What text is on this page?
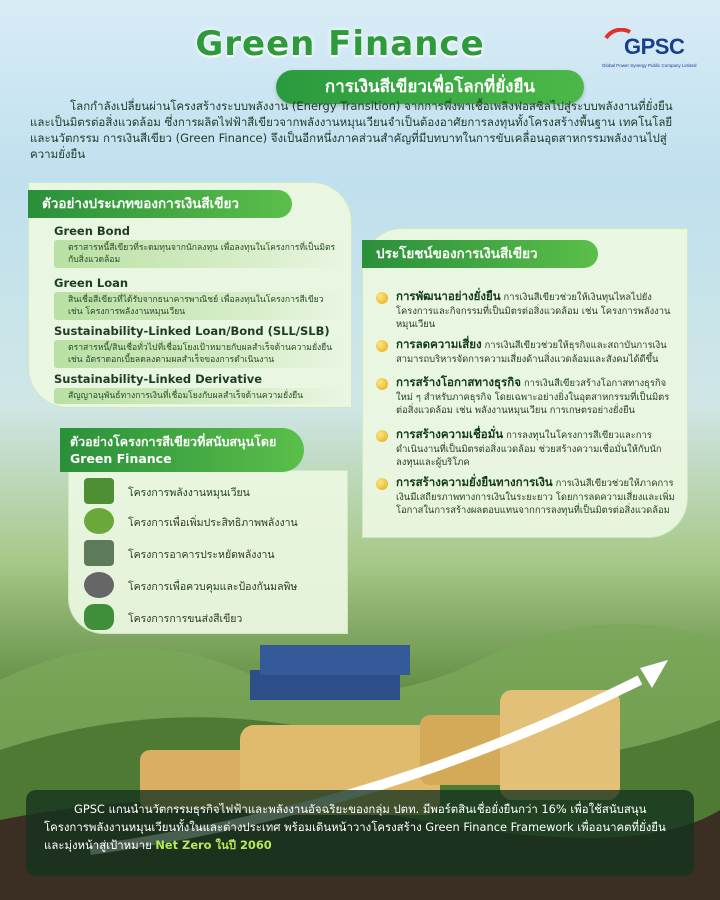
Green Finance
การเงินสีเขียวเพื่อโลกที่ยั่งยืน
GPSC
Global Power Synergy Public Company Limited
โลกกำลังเปลี่ยนผ่านโครงสร้างระบบพลังงาน (Energy Transition) จากการพึ่งพาเชื้อเพลิงฟอสซิลไปสู่ระบบพลังงานที่ยั่งยืนและเป็นมิตรต่อสิ่งแวดล้อม ซึ่งการผลิตไฟฟ้าสีเขียวจากพลังงานหมุนเวียนจำเป็นต้องอาศัยการลงทุนทั้งโครงสร้างพื้นฐาน เทคโนโลยี และนวัตกรรม การเงินสีเขียว (Green Finance) จึงเป็นอีกหนึ่งภาคส่วนสำคัญที่มีบทบาทในการขับเคลื่อนอุตสาหกรรมพลังงานไปสู่ความยั่งยืน
ตัวอย่างประเภทของการเงินสีเขียว
Green Bond
ตราสารหนี้สีเขียวที่ระดมทุนจากนักลงทุน เพื่อลงทุนในโครงการที่เป็นมิตรกับสิ่งแวดล้อม
Green Loan
สินเชื่อสีเขียวที่ได้รับจากธนาคารพาณิชย์ เพื่อลงทุนในโครงการสีเขียว เช่น โครงการพลังงานหมุนเวียน
Sustainability-Linked Loan/Bond (SLL/SLB)
ตราสารหนี้/สินเชื่อทั่วไปที่เชื่อมโยงเป้าหมายกับผลสำเร็จด้านความยั่งยืน เช่น อัตราดอกเบี้ยลดลงตามผลสำเร็จของการดำเนินงาน
Sustainability-Linked Derivative
สัญญาอนุพันธ์ทางการเงินที่เชื่อมโยงกับผลสำเร็จด้านความยั่งยืน
ตัวอย่างโครงการสีเขียวที่สนับสนุนโดย Green Finance
โครงการพลังงานหมุนเวียน
โครงการเพื่อเพิ่มประสิทธิภาพพลังงาน
โครงการอาคารประหยัดพลังงาน
โครงการเพื่อควบคุมและป้องกันมลพิษ
โครงการการขนส่งสีเขียว
ประโยชน์ของการเงินสีเขียว
การพัฒนาอย่างยั่งยืน การเงินสีเขียวช่วยให้เงินทุนไหลไปยังโครงการและกิจกรรมที่เป็นมิตรต่อสิ่งแวดล้อม เช่น โครงการพลังงานหมุนเวียน
การลดความเสี่ยง การเงินสีเขียวช่วยให้ธุรกิจและสถาบันการเงินสามารถบริหารจัดการความเสี่ยงด้านสิ่งแวดล้อมและสังคมได้ดีขึ้น
การสร้างโอกาสทางธุรกิจ การเงินสีเขียวสร้างโอกาสทางธุรกิจใหม่ ๆ สำหรับภาคธุรกิจ โดยเฉพาะอย่างยิ่งในอุตสาหกรรมที่เป็นมิตรต่อสิ่งแวดล้อม เช่น พลังงานหมุนเวียน การเกษตรอย่างยั่งยืน
การสร้างความเชื่อมั่น การลงทุนในโครงการสีเขียวและการดำเนินงานที่เป็นมิตรต่อสิ่งแวดล้อม ช่วยสร้างความเชื่อมั่นให้กับนักลงทุนและผู้บริโภค
การสร้างความยั่งยืนทางการเงิน การเงินสีเขียวช่วยให้ภาคการเงินมีเสถียรภาพทางการเงินในระยะยาว โดยการลดความเสี่ยงและเพิ่มโอกาสในการสร้างผลตอบแทนจากการลงทุนที่เป็นมิตรต่อสิ่งแวดล้อม
GPSC แกนนำนวัตกรรมธุรกิจไฟฟ้าและพลังงานอัจฉริยะของกลุ่ม ปตท. มีพอร์ตสินเชื่อยั่งยืนกว่า 16% เพื่อใช้สนับสนุนโครงการพลังงานหมุนเวียนทั้งในและต่างประเทศ พร้อมเดินหน้าวางโครงสร้าง Green Finance Framework เพื่ออนาคตที่ยั่งยืน และมุ่งหน้าสู่เป้าหมาย Net Zero ในปี 2060
